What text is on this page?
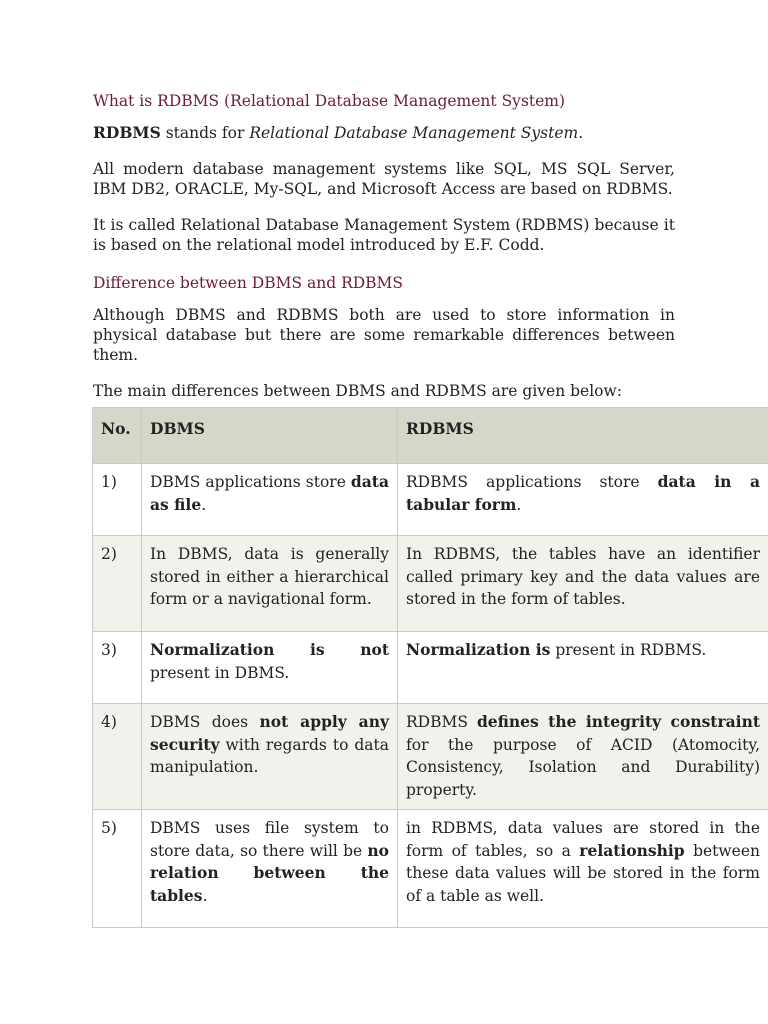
What is RDBMS (Relational Database Management System)

RDBMS stands for Relational Database Management System.

All modern database management systems like SQL, MS SQL Server, IBM DB2, ORACLE, My-SQL, and Microsoft Access are based on RDBMS.

It is called Relational Database Management System (RDBMS) because it is based on the relational model introduced by E.F. Codd.

Difference between DBMS and RDBMS

Although DBMS and RDBMS both are used to store information in physical database but there are some remarkable differences between them.

The main differences between DBMS and RDBMS are given below:

No.	DBMS	RDBMS
1)	DBMS applications store data as file.	RDBMS applications store data in a tabular form.
2)	In DBMS, data is generally stored in either a hierarchical form or a navigational form.	In RDBMS, the tables have an identifier called primary key and the data values are stored in the form of tables.
3)	Normalization is not present in DBMS.	Normalization is present in RDBMS.
4)	DBMS does not apply any security with regards to data manipulation.	RDBMS defines the integrity constraint for the purpose of ACID (Atomocity, Consistency, Isolation and Durability) property.
5)	DBMS uses file system to store data, so there will be no relation between the tables.	in RDBMS, data values are stored in the form of tables, so a relationship between these data values will be stored in the form of a table as well.
